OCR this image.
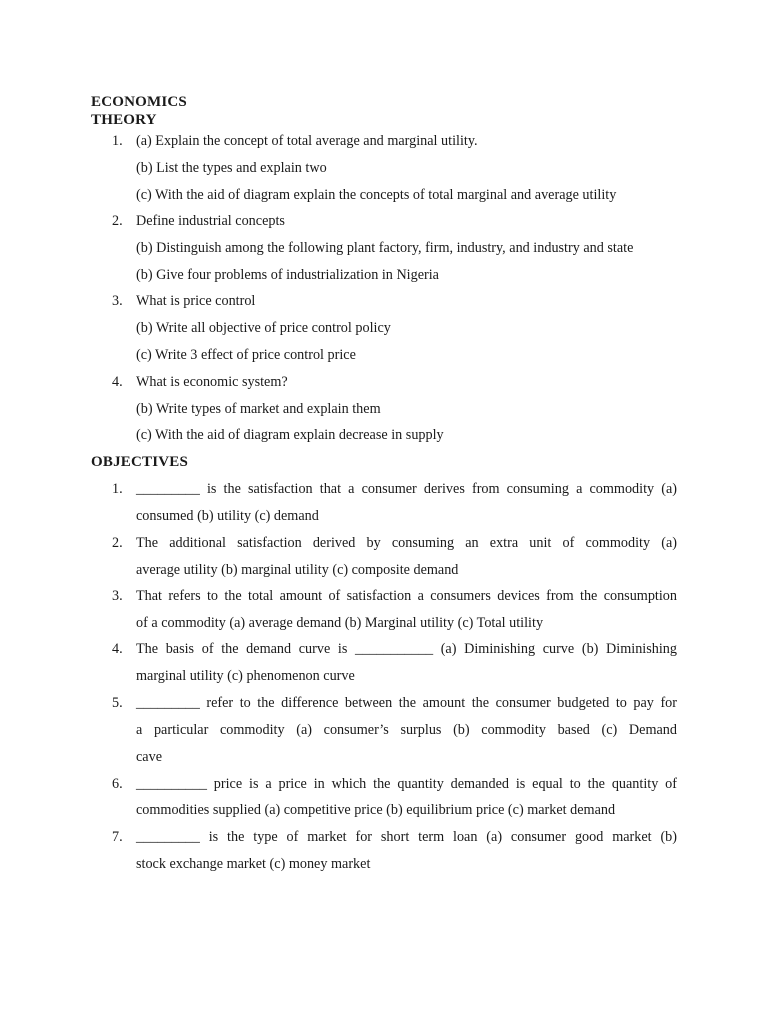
ECONOMICS
THEORY
1. (a) Explain the concept of total average and marginal utility.
(b) List the types and explain two
(c) With the aid of diagram explain the concepts of total marginal and average utility
2. Define industrial concepts
(b) Distinguish among the following plant factory, firm, industry, and industry and state
(b) Give four problems of industrialization in Nigeria
3. What is price control
(b) Write all objective of price control policy
(c) Write 3 effect of price control price
4. What is economic system?
(b) Write types of market and explain them
(c) With the aid of diagram explain decrease in supply
OBJECTIVES
1. _________ is the satisfaction that a consumer derives from consuming a commodity (a)
consumed (b) utility (c) demand
2. The additional satisfaction derived by consuming an extra unit of commodity (a)
average utility (b) marginal utility (c) composite demand
3. That refers to the total amount of satisfaction a consumers devices from the consumption
of a commodity (a) average demand (b) Marginal utility (c) Total utility
4. The basis of the demand curve is ___________ (a) Diminishing curve (b) Diminishing
marginal utility (c) phenomenon curve
5. _________ refer to the difference between the amount the consumer budgeted to pay for
a particular commodity (a) consumer’s surplus (b) commodity based (c) Demand
cave
6. __________ price is a price in which the quantity demanded is equal to the quantity of
commodities supplied (a) competitive price (b) equilibrium price (c) market demand
7. _________ is the type of market for short term loan (a) consumer good market (b)
stock exchange market (c) money market
